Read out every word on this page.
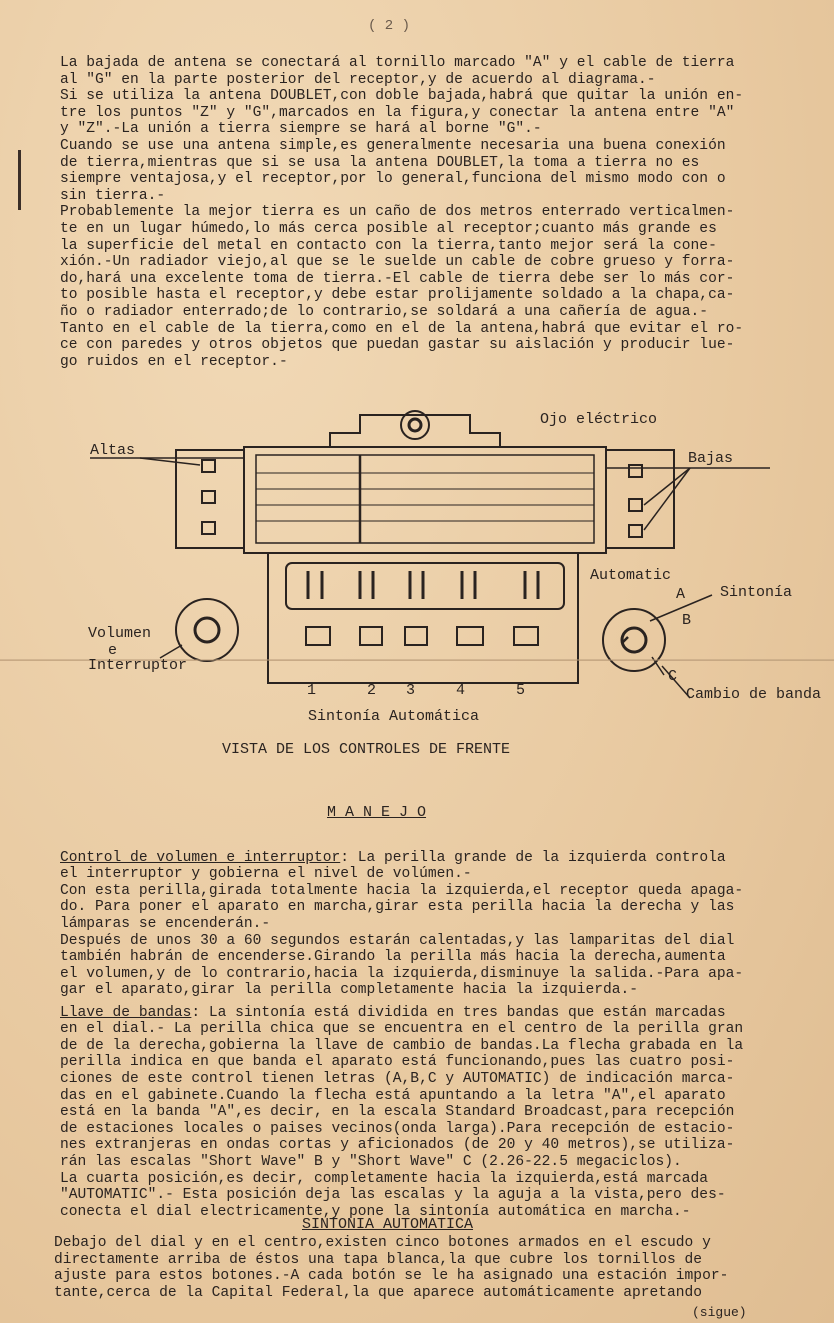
( 2 )
La bajada de antena se conectará al tornillo marcado "A" y el cable de tierra
al "G" en la parte posterior del receptor,y de acuerdo al diagrama.-
Si se utiliza la antena DOUBLET,con doble bajada,habrá que quitar la unión en-
tre los puntos "Z" y "G",marcados en la figura,y conectar la antena entre "A"
y "Z".-La unión a tierra siempre se hará al borne "G".-
Cuando se use una antena simple,es generalmente necesaria una buena conexión
de tierra,mientras que si se usa la antena DOUBLET,la toma a tierra no es
siempre ventajosa,y el receptor,por lo general,funciona del mismo modo con o
sin tierra.-
Probablemente la mejor tierra es un caño de dos metros enterrado verticalmen-
te en un lugar húmedo,lo más cerca posible al receptor;cuanto más grande es
la superficie del metal en contacto con la tierra,tanto mejor será la cone-
xión.-Un radiador viejo,al que se le suelde un cable de cobre grueso y forra-
do,hará una excelente toma de tierra.-El cable de tierra debe ser lo más cor-
to posible hasta el receptor,y debe estar prolijamente soldado a la chapa,ca-
ño o radiador enterrado;de lo contrario,se soldará a una cañería de agua.-
Tanto en el cable de la tierra,como en el de la antena,habrá que evitar el ro-
ce con paredes y otros objetos que puedan gastar su aislación y producir lue-
go ruidos en el receptor.-
Ojo eléctrico
Altas	Bajas
Automatic
A Sintonía
B
C
Volumen
e
Interruptor
Cambio de banda
1	2 3	4	5
Sintonía Automática
VISTA DE LOS CONTROLES DE FRENTE
M A N E J O

Control de volumen e interruptor: La perilla grande de la izquierda controla

el interruptor y gobierna el nivel de volúmen.-
Con esta perilla,girada totalmente hacia la izquierda,el receptor queda apaga-
do. Para poner el aparato en marcha,girar esta perilla hacia la derecha y las
lámparas se encenderán.-
Después de unos 30 a 60 segundos estarán calentadas,y las lamparitas del dial
también habrán de encenderse.Girando la perilla más hacia la derecha,aumenta
el volumen,y de lo contrario,hacia la izquierda,disminuye la salida.-Para apa-
gar el aparato,girar la perilla completamente hacia la izquierda.-

Llave de bandas: La sintonía está dividida en tres bandas que están marcadas

en el dial.- La perilla chica que se encuentra en el centro de la perilla gran
de de la derecha,gobierna la llave de cambio de bandas.La flecha grabada en la
perilla indica en que banda el aparato está funcionando,pues las cuatro posi-
ciones de este control tienen letras (A,B,C y AUTOMATIC) de indicación marca-
das en el gabinete.Cuando la flecha está apuntando a la letra "A",el aparato
está en la banda "A",es decir, en la escala Standard Broadcast,para recepción
de estaciones locales o paises vecinos(onda larga).Para recepción de estacio-
nes extranjeras en ondas cortas y aficionados (de 20 y 40 metros),se utiliza-
rán las escalas "Short Wave" B y "Short Wave" C (2.26-22.5 megaciclos).
La cuarta posición,es decir, completamente hacia la izquierda,está marcada
"AUTOMATIC".- Esta posición deja las escalas y la aguja a la vista,pero des-
conecta el dial electricamente,y pone la sintonía automática en marcha.-
SINTONIA AUTOMATICA
Debajo del dial y en el centro,existen cinco botones armados en el escudo y
directamente arriba de éstos una tapa blanca,la que cubre los tornillos de
ajuste para estos botones.-A cada botón se le ha asignado una estación impor-
tante,cerca de la Capital Federal,la que aparece automáticamente apretando
(sigue)
